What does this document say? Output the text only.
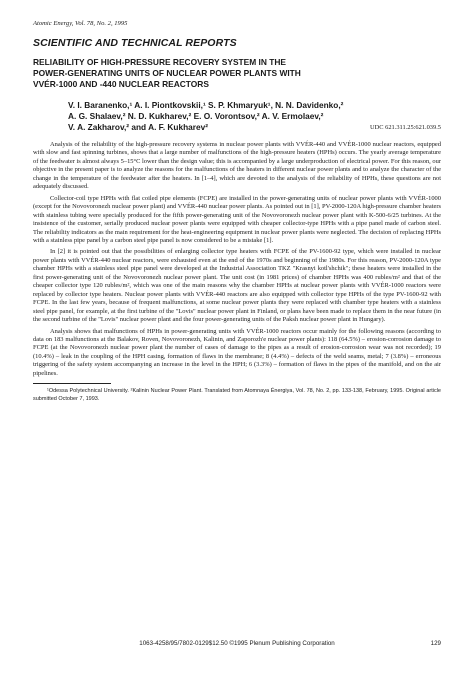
Atomic Energy, Vol. 78, No. 2, 1995
SCIENTIFIC AND TECHNICAL REPORTS
RELIABILITY OF HIGH-PRESSURE RECOVERY SYSTEM IN THE
POWER-GENERATING UNITS OF NUCLEAR POWER PLANTS WITH
VVÉR-1000 AND -440 NUCLEAR REACTORS
V. I. Baranenko,¹ A. I. Piontkovskii,¹ S. P. Khmaryuk¹, N. N. Davidenko,²
A. G. Shalaev,² N. D. Kukharev,² E. O. Vorontsov,² A. V. Ermolaev,²
V. A. Zakharov,² and A. F. Kukharev²	UDC 621.311.25:621.039.5

Analysis of the reliability of the high-pressure recovery systems in nuclear power plants with VVÉR-440 and VVÉR-1000 nuclear reactors, equipped with slow and fast spinning turbines, shows that a large number of malfunctions of the high-pressure heaters (HPHs) occurs. The yearly average temperature of the feedwater is almost always 5–15°C lower than the design value; this is accompanied by a large underproduction of electrical power. For this reason, our objective in the present paper is to analyze the reasons for the malfunctions of the heaters in different nuclear power plants and to analyze the character of the change in the temperature of the feedwater after the heaters. In [1–4], which are devoted to the analysis of the reliability of HPHs, these questions are not adequately discussed.

Collector-coil type HPHs with flat coiled pipe elements (FCPE) are installed in the power-generating units of nuclear power plants with VVÉR-1000 (except for the Novovoronezh nuclear power plant) and VVÉR-440 nuclear power plants. As pointed out in [1], PV-2000-120A high-pressure chamber heaters with stainless tubing were specially produced for the fifth power-generating unit of the Novovoronezh nuclear power plant with K-500-6/25 turbines. At the insistence of the customer, serially produced nuclear power plants were equipped with cheaper collector-type HPHs with a pipe panel made of carbon steel. The reliability indicators as the main requirement for the heat-engineering equipment in nuclear power plants were neglected. The decision of replacing HPHs with a stainless pipe panel by a carbon steel pipe panel is now considered to be a mistake [1].

In [2] it is pointed out that the possibilities of enlarging collector type heaters with FCPE of the PV-1600-92 type, which were installed in nuclear power plants with VVÉR-440 nuclear reactors, were exhausted even at the end of the 1970s and beginning of the 1980s. For this reason, PV-2000-120A type chamber HPHs with a stainless steel pipe panel were developed at the Industrial Association TKZ "Krasnyi kotl'shchik"; these heaters were installed in the first power-generating unit of the Novovoronezh nuclear power plant. The unit cost (in 1981 prices) of chamber HPHs was 400 rubles/m² and that of the cheaper collector type 120 rubles/m², which was one of the main reasons why the chamber HPHs at nuclear power plants with VVÉR-1000 reactors were replaced by collector type heaters. Nuclear power plants with VVÉR-440 reactors are also equipped with collector type HPHs of the type PV-1600-92 with FCPE. In the last few years, because of frequent malfunctions, at some nuclear power plants they were replaced with chamber type heaters with a stainless steel pipe panel, for example, at the first turbine of the "Lovis" nuclear power plant in Finland, or plans have been made to replace them in the near future (in the second turbine of the "Lovis" nuclear power plant and the four power-generating units of the Paksh nuclear power plant in Hungary).

Analysis shows that malfunctions of HPHs in power-generating units with VVÉR-1000 reactors occur mainly for the following reasons (according to data on 183 malfunctions at the Balakov, Roven, Novovoronezh, Kalinin, and Zaporozh'e nuclear power plants): 118 (64.5%) – erosion-corrosion damage to FCPE (at the Novovoronezh nuclear power plant the number of cases of damage to the pipes as a result of erosion-corrosion wear was not recorded); 19 (10.4%) – leak in the coupling of the HPH casing, formation of flaws in the membrane; 8 (4.4%) – defects of the weld seams, metal; 7 (3.8%) – erroneous triggering of the safety system accompanying an increase in the level in the HPH; 6 (3.3%) – formation of flaws in the pipes of the manifold, and on the air pipelines.

¹Odessa Polytechnical University. ²Kalinin Nuclear Power Plant. Translated from Atomnaya Énergiya, Vol. 78, No. 2, pp. 133-138, February, 1995. Original article submitted October 7, 1993.

1063-4258/95/7802-0129$12.50 ©1995 Plenum Publishing Corporation	129
